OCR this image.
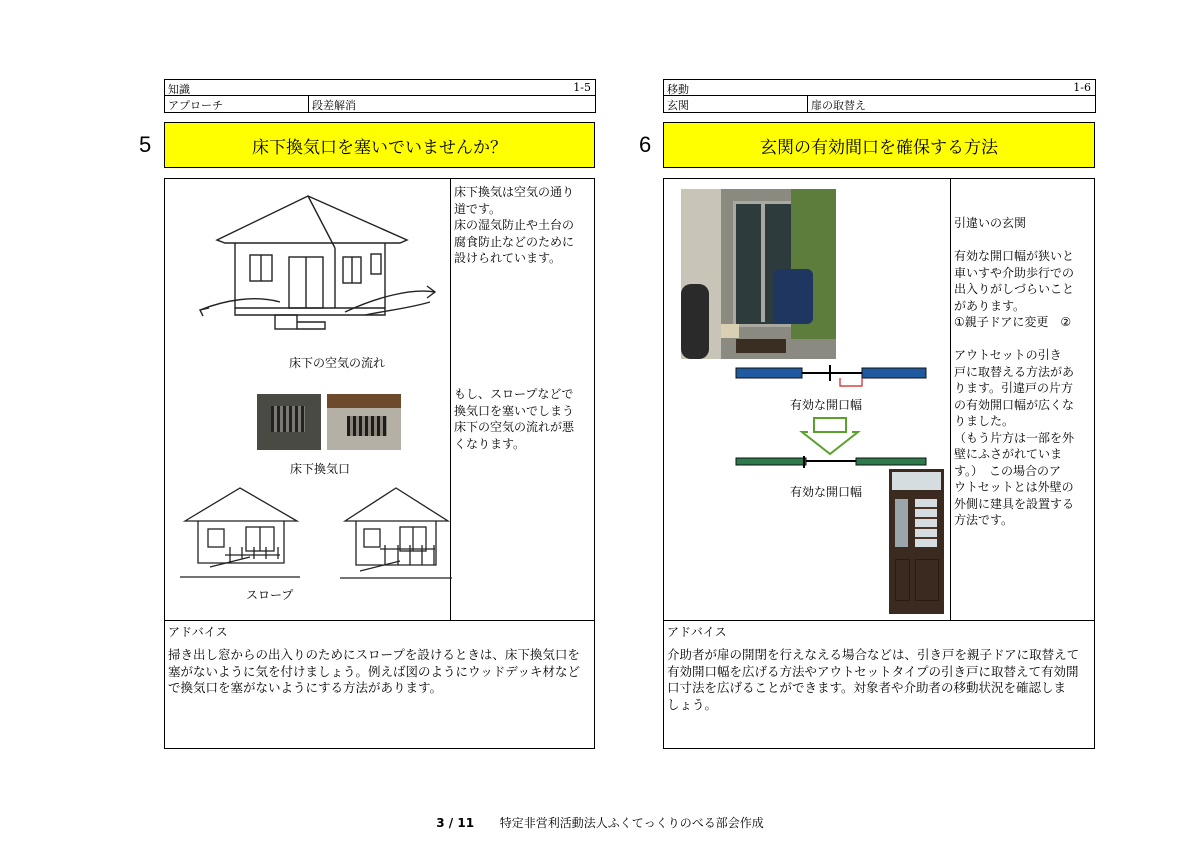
知識	1-5
アプローチ	段差解消
5	床下換気口を塞いでいませんか？
床下の空気の流れ
床下換気口
スロープ
床下換気は空気の通り
道です。
床の湿気防止や土台の
腐食防止などのために
設けられています。
もし、スロープなどで
換気口を塞いでしまう
床下の空気の流れが悪
くなります。
アドバイス
掃き出し窓からの出入りのためにスロープを設けるときは、床下換気口を
塞がないように気を付けましょう。例えば図のようにウッドデッキ材など
で換気口を塞がないようにする方法があります。
移動	1-6
玄関	扉の取替え
6	玄関の有効間口を確保する方法
有効な開口幅
有効な開口幅
引違いの玄関

有効な開口幅が狭いと
車いすや介助歩行での
出入りがしづらいこと
があります。
①親子ドアに変更　②

アウトセットの引き
戸に取替える方法があ
ります。引違戸の片方
の有効開口幅が広くな
りました。
（もう片方は一部を外
壁にふさがれていま
す。）　この場合のア
ウトセットとは外壁の
外側に建具を設置する
方法です。
アドバイス
介助者が扉の開閉を行えなえる場合などは、引き戸を親子ドアに取替えて
有効開口幅を広げる方法やアウトセットタイプの引き戸に取替えて有効開
口寸法を広げることができます。対象者や介助者の移動状況を確認しま
しょう。
3 / 11 特定非営利活動法人ふくてっくりのべる部会作成
